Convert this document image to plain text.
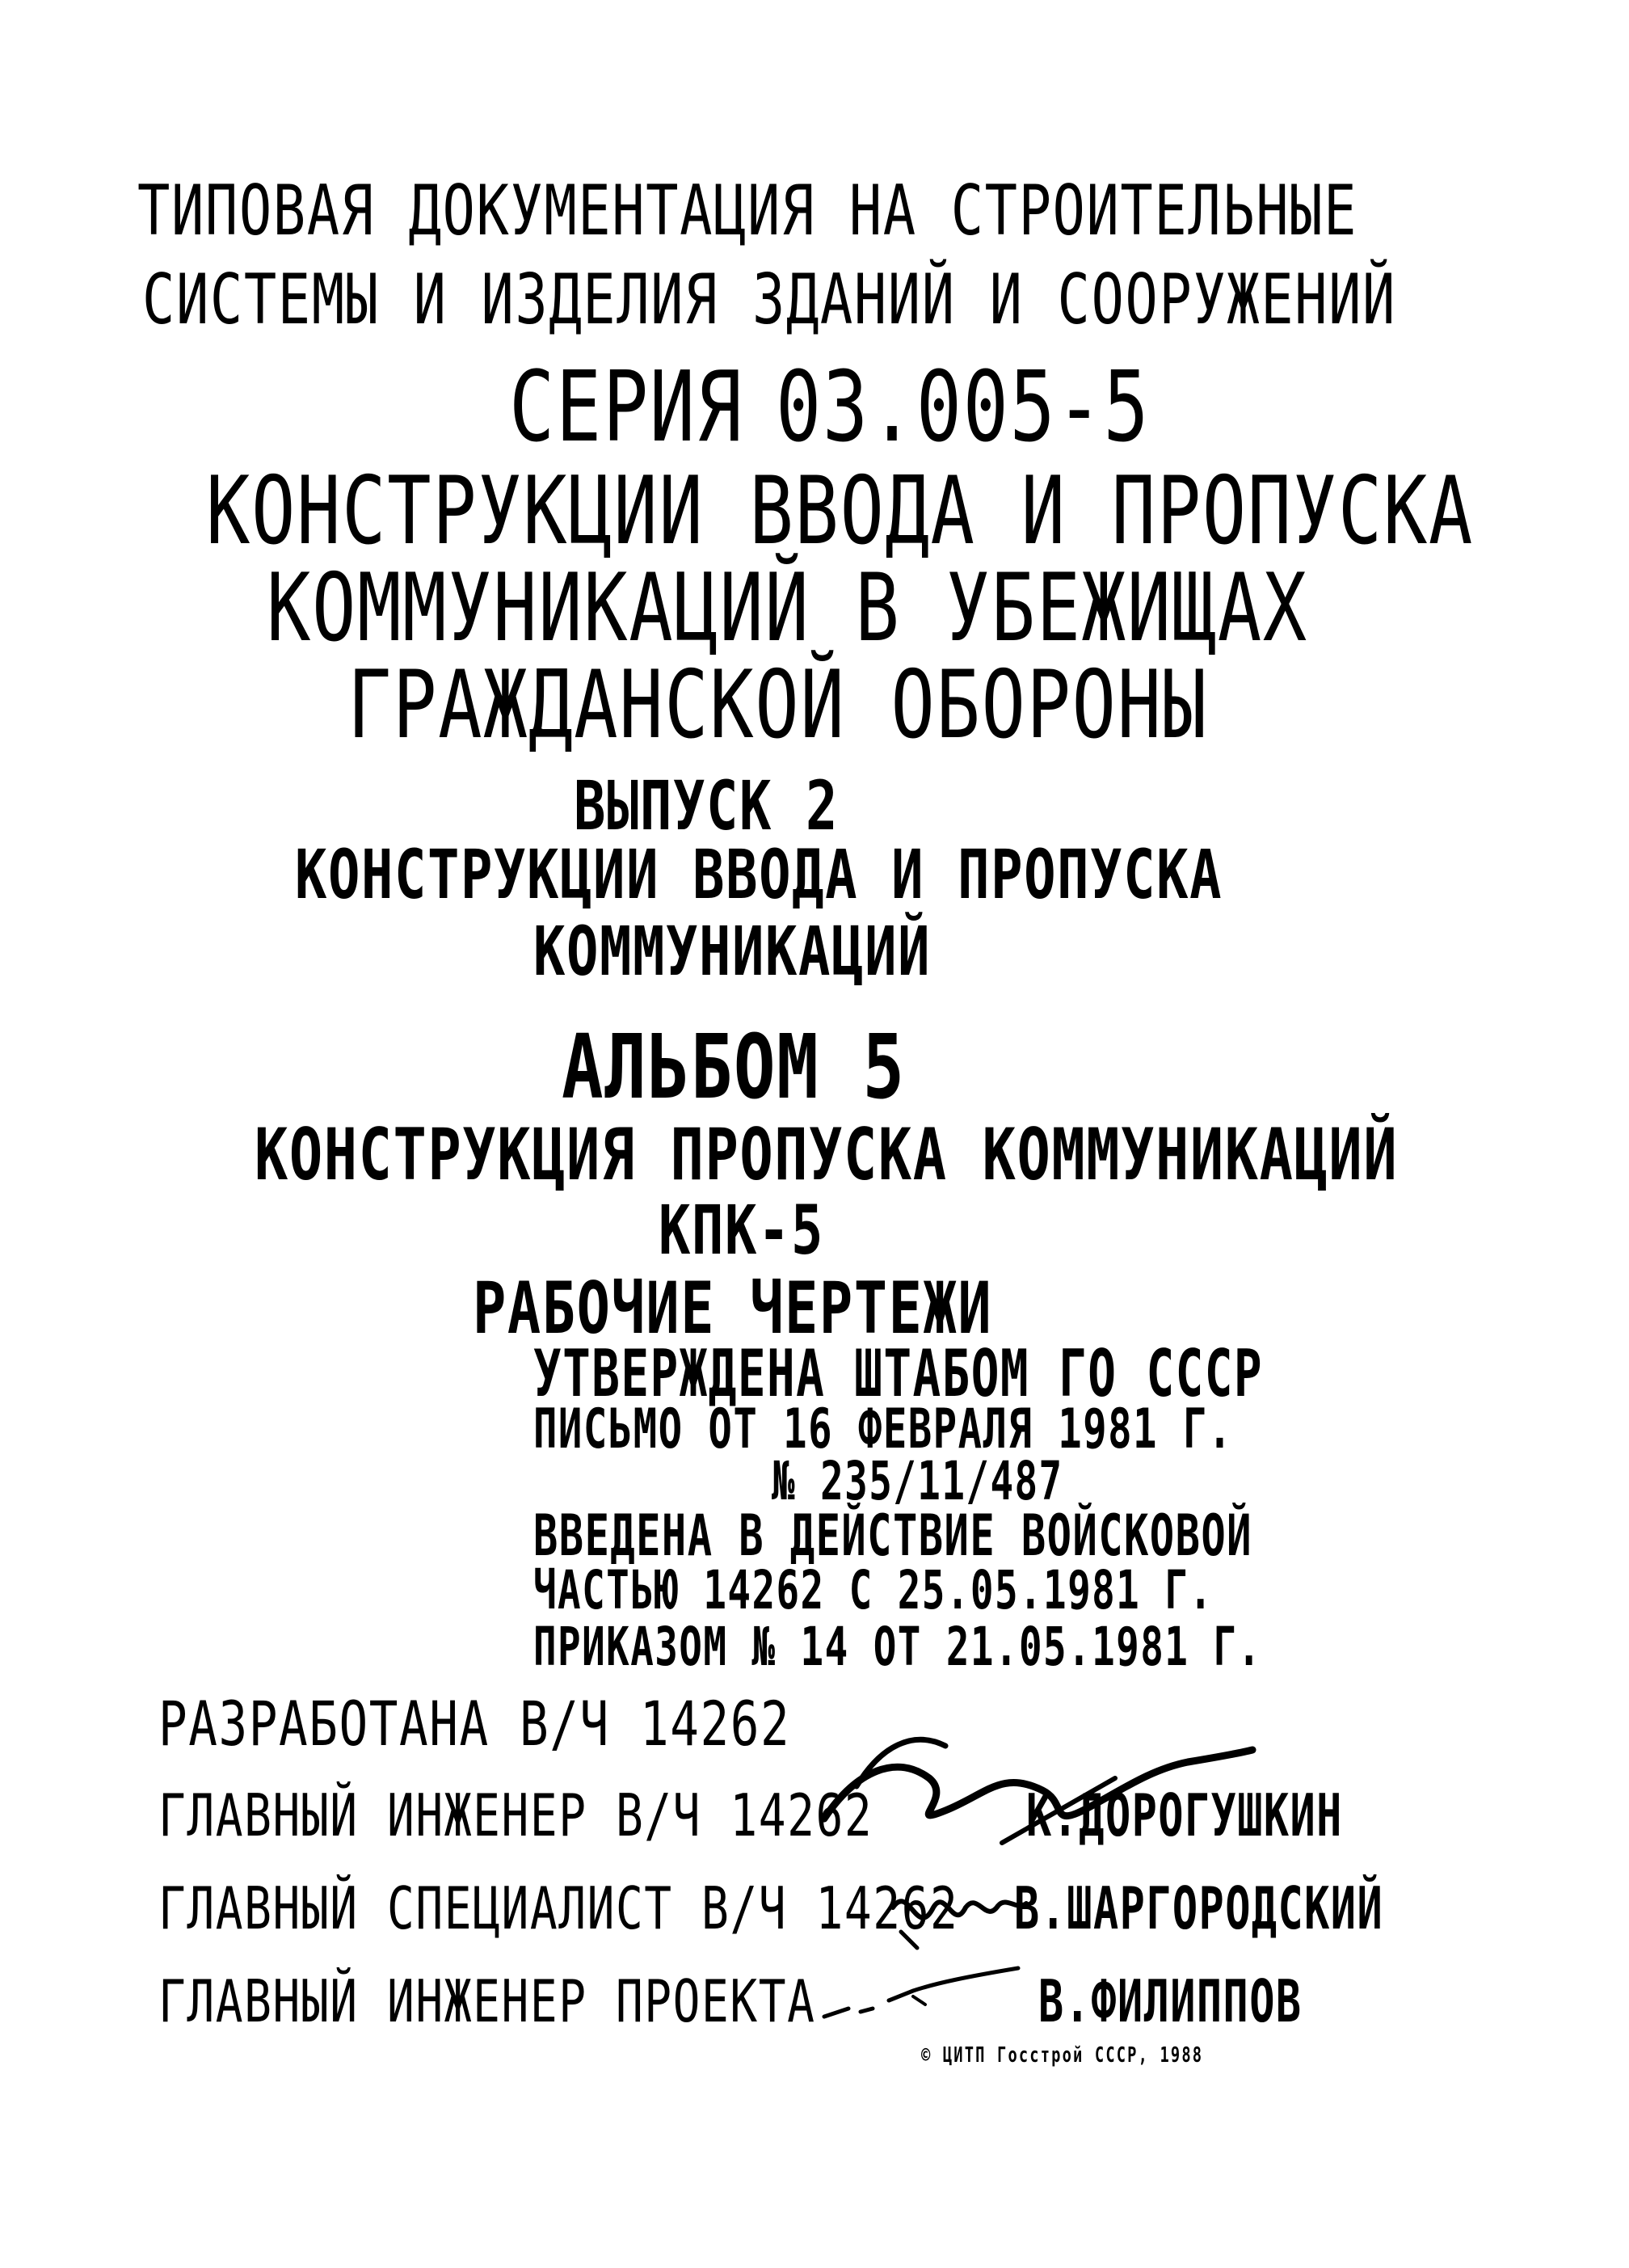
ТИПОВАЯ ДОКУМЕНТАЦИЯ НА СТРОИТЕЛЬНЫЕ
СИСТЕМЫ И ИЗДЕЛИЯ ЗДАНИЙ И СООРУЖЕНИЙ
СЕРИЯ 03.005-5
КОНСТРУКЦИИ ВВОДА И ПРОПУСКА
КОММУНИКАЦИЙ В УБЕЖИЩАХ
ГРАЖДАНСКОЙ ОБОРОНЫ
ВЫПУСК 2
КОНСТРУКЦИИ ВВОДА И ПРОПУСКА
КОММУНИКАЦИЙ
АЛЬБОМ 5
КОНСТРУКЦИЯ ПРОПУСКА КОММУНИКАЦИЙ
КПК-5
РАБОЧИЕ ЧЕРТЕЖИ
УТВЕРЖДЕНА ШТАБОМ ГО СССР
ПИСЬМО ОТ 16 ФЕВРАЛЯ 1981 Г.
№ 235/11/487
ВВЕДЕНА В ДЕЙСТВИЕ ВОЙСКОВОЙ
ЧАСТЬЮ 14262 С 25.05.1981 Г.
ПРИКАЗОМ № 14 ОТ 21.05.1981 Г.
РАЗРАБОТАНА В/Ч 14262
ГЛАВНЫЙ ИНЖЕНЕР В/Ч 14262	К.ДОРОГУШКИН
ГЛАВНЫЙ СПЕЦИАЛИСТ В/Ч 14262 В.ШАРГОРОДСКИЙ
ГЛАВНЫЙ ИНЖЕНЕР ПРОЕКТА	В.ФИЛИППОВ
© ЦИТП Госстрой СССР, 1988
